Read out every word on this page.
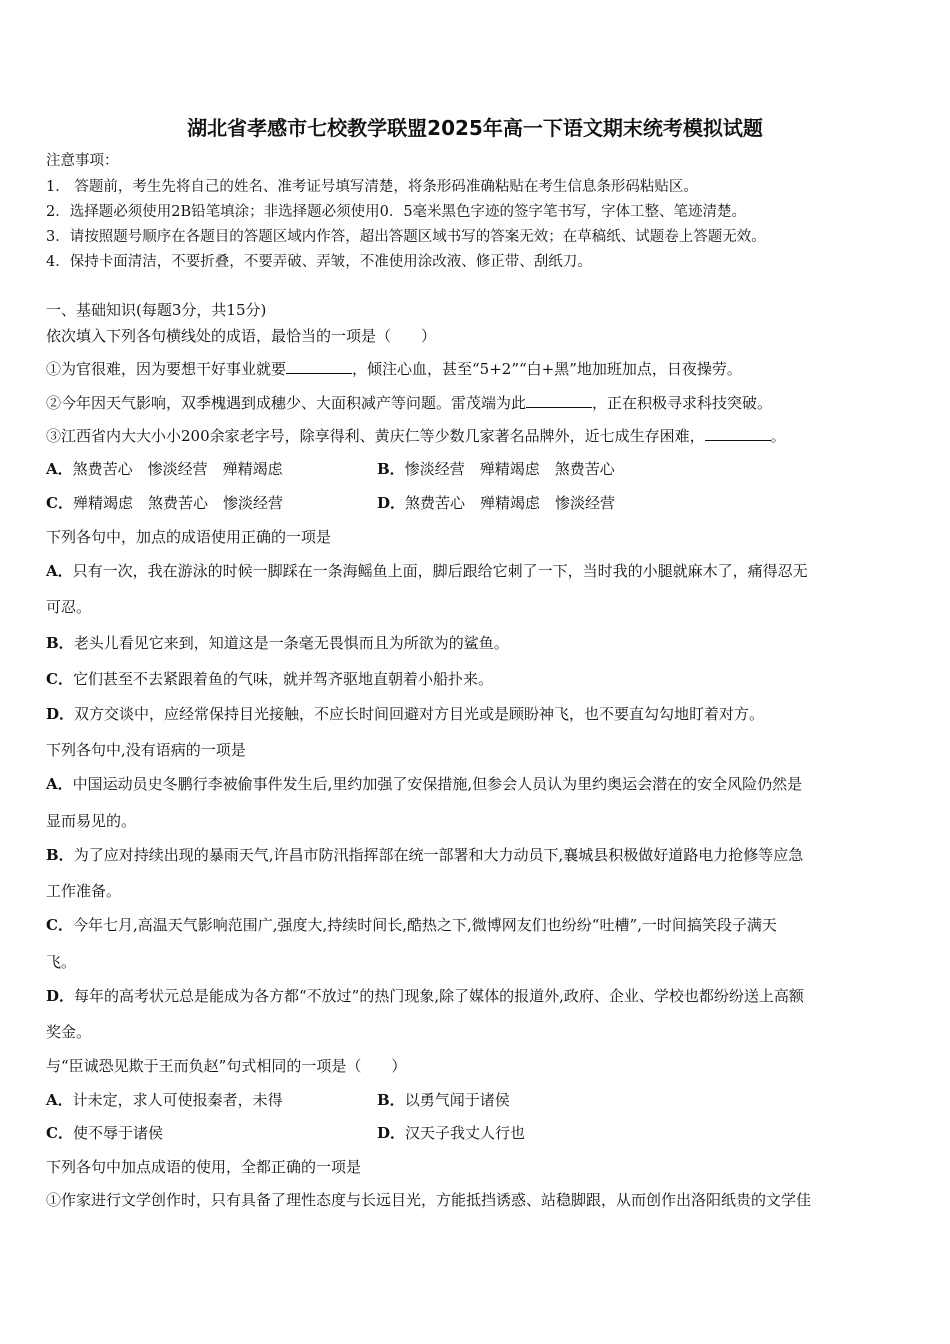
湖北省孝感市七校教学联盟2025年高一下语文期末统考模拟试题
注意事项：
1． 答题前，考生先将自己的姓名、准考证号填写清楚，将条形码准确粘贴在考生信息条形码粘贴区。
2．选择题必须使用2B铅笔填涂；非选择题必须使用0．5毫米黑色字迹的签字笔书写，字体工整、笔迹清楚。
3．请按照题号顺序在各题目的答题区域内作答，超出答题区域书写的答案无效；在草稿纸、试题卷上答题无效。
4．保持卡面清洁，不要折叠，不要弄破、弄皱，不准使用涂改液、修正带、刮纸刀。
一、基础知识(每题3分，共15分)
依次填入下列各句横线处的成语，最恰当的一项是（　　）
①为官很难，因为要想干好事业就要	，倾注心血，甚至“5+2”“白+黑”地加班加点，日夜操劳。
②今年因天气影响，双季槐遇到成穗少、大面积减产等问题。雷茂端为此	，正在积极寻求科技突破。
③江西省内大大小小200余家老字号，除享得利、黄庆仁等少数几家著名品牌外，近七成生存困难，	。
A．煞费苦心　惨淡经营　殚精竭虑	B．惨淡经营　殚精竭虑　煞费苦心
C．殚精竭虑　煞费苦心　惨淡经营	D．煞费苦心　殚精竭虑　惨淡经营
下列各句中，加点的成语使用正确的一项是
A．只有一次，我在游泳的时候一脚踩在一条海鳐鱼上面，脚后跟给它刺了一下，当时我的小腿就麻木了，痛得忍无
可忍。
B．老头儿看见它来到，知道这是一条毫无畏惧而且为所欲为的鲨鱼。
C．它们甚至不去紧跟着鱼的气味，就并驾齐驱地直朝着小船扑来。
D．双方交谈中，应经常保持目光接触，不应长时间回避对方目光或是顾盼神飞，也不要直勾勾地盯着对方。
下列各句中,没有语病的一项是
A．中国运动员史冬鹏行李被偷事件发生后,里约加强了安保措施,但参会人员认为里约奥运会潜在的安全风险仍然是
显而易见的。
B．为了应对持续出现的暴雨天气,许昌市防汛指挥部在统一部署和大力动员下,襄城县积极做好道路电力抢修等应急
工作准备。
C．今年七月,高温天气影响范围广,强度大,持续时间长,酷热之下,微博网友们也纷纷“吐槽”,一时间搞笑段子满天
飞。
D．每年的高考状元总是能成为各方都“不放过”的热门现象,除了媒体的报道外,政府、企业、学校也都纷纷送上高额
奖金。
与“臣诚恐见欺于王而负赵”句式相同的一项是（　　）
A．计未定，求人可使报秦者，未得	B．以勇气闻于诸侯
C．使不辱于诸侯	D．汉天子我丈人行也
下列各句中加点成语的使用，全都正确的一项是
①作家进行文学创作时，只有具备了理性态度与长远目光，方能抵挡诱惑、站稳脚跟，从而创作出洛阳纸贵的文学佳
